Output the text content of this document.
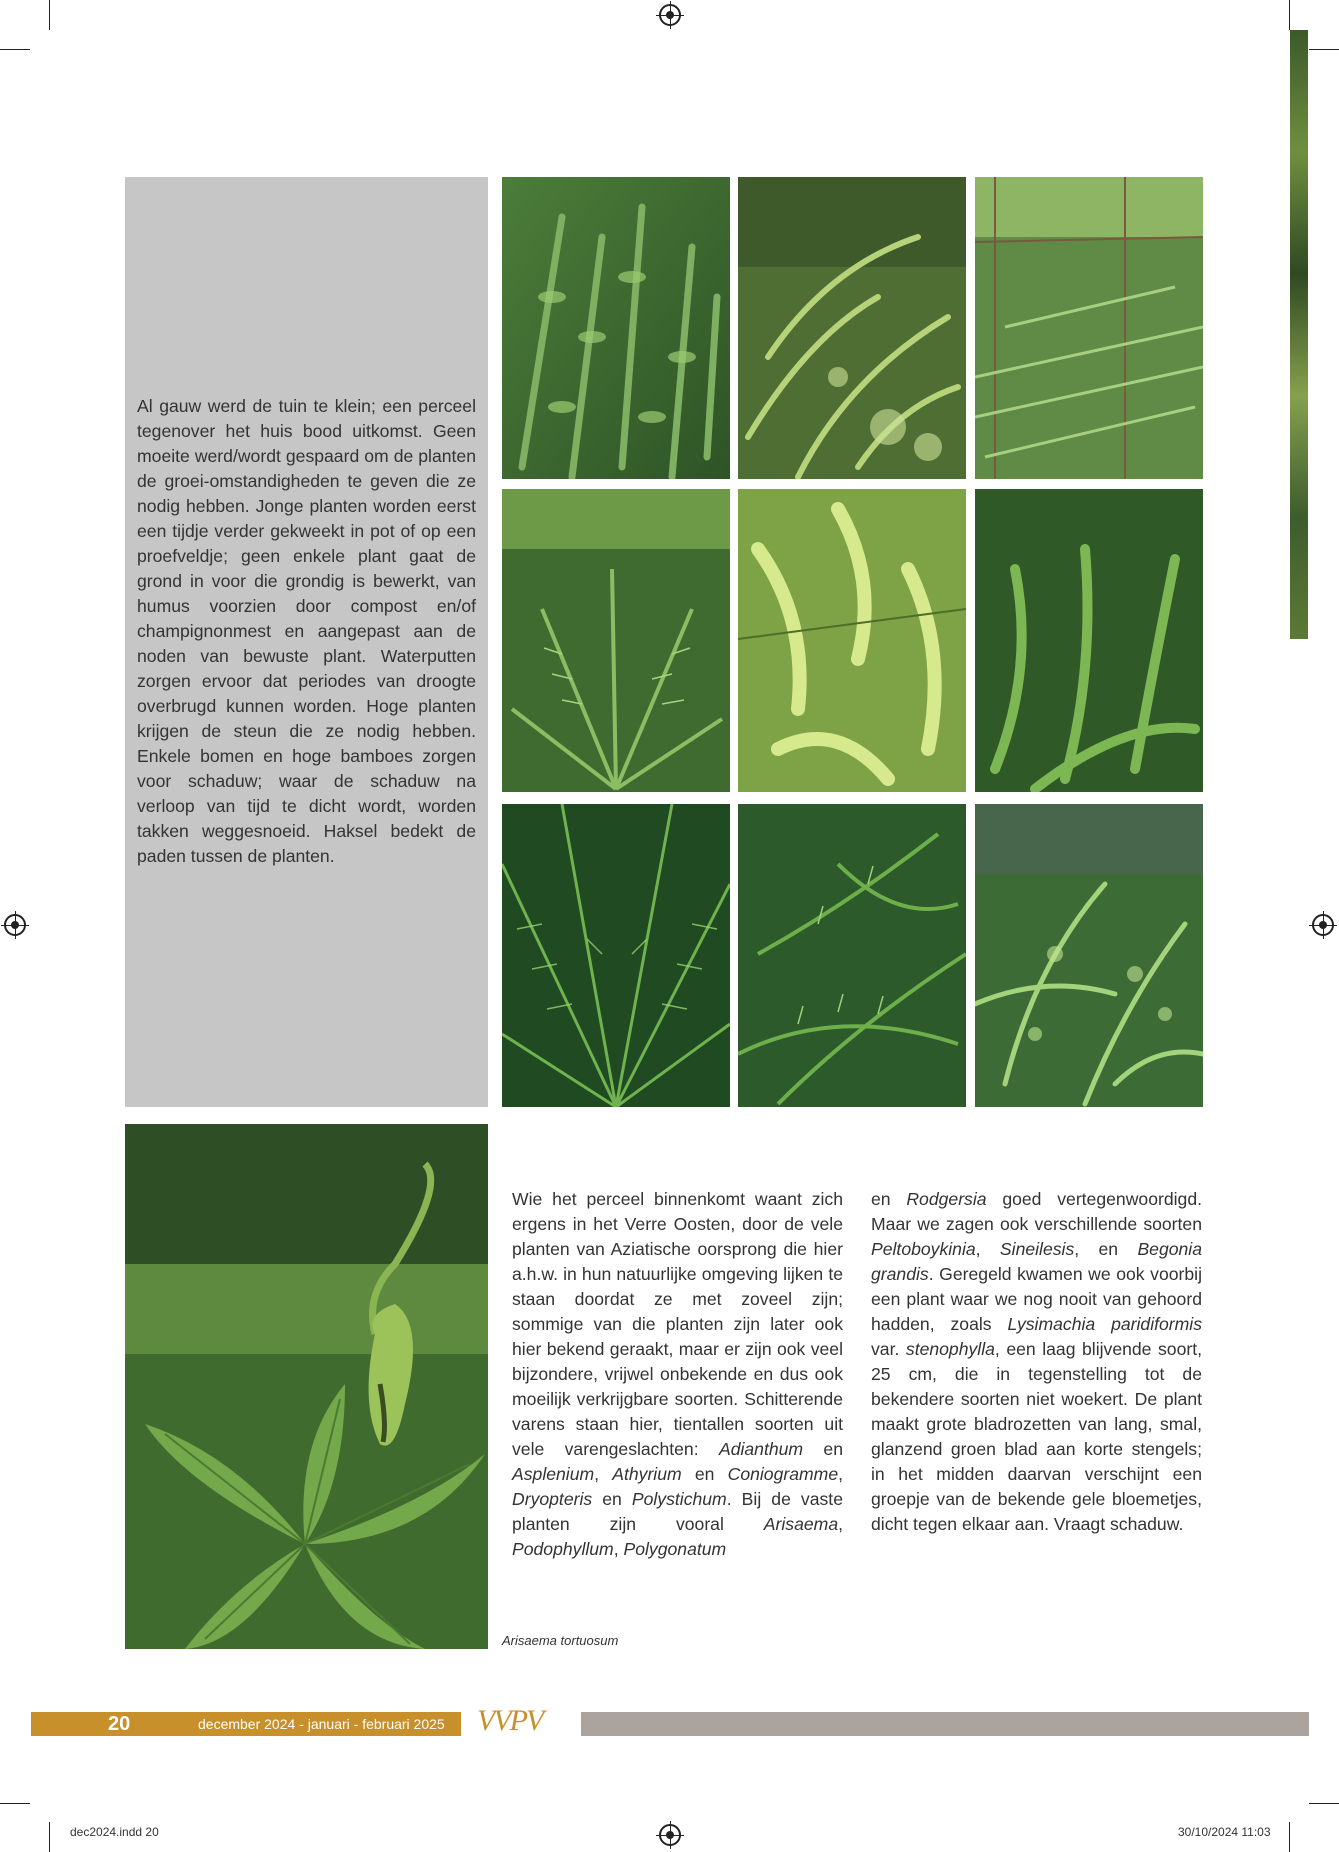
Al gauw werd de tuin te klein; een perceel tegenover het huis bood uitkomst. Geen moeite werd/wordt gespaard om de planten de groei-omstandigheden te geven die ze nodig hebben. Jonge planten worden eerst een tijdje verder gekweekt in pot of op een proefveldje; geen enkele plant gaat de grond in voor die grondig is bewerkt, van humus voorzien door compost en/of champignonmest en aangepast aan de noden van bewuste plant. Waterputten zorgen ervoor dat periodes van droogte overbrugd kunnen worden. Hoge planten krijgen de steun die ze nodig hebben. Enkele bomen en hoge bamboes zorgen voor schaduw; waar de schaduw na verloop van tijd te dicht wordt, worden takken weggesnoeid. Haksel bedekt de paden tussen de planten.
Arisaema tortuosum
Wie het perceel binnenkomt waant zich ergens in het Verre Oosten, door de vele planten van Aziatische oorsprong die hier a.h.w. in hun natuurlijke omgeving lijken te staan doordat ze met zoveel zijn; sommige van die planten zijn later ook hier bekend geraakt, maar er zijn ook veel bijzondere, vrijwel onbekende en dus ook moeilijk verkrijgbare soorten. Schitterende varens staan hier, tientallen soorten uit vele varengeslachten: Adianthum en Asplenium, Athyrium en Coniogramme, Dryopteris en Polystichum. Bij de vaste planten zijn vooral Arisaema, Podophyllum, Polygonatum
en Rodgersia goed vertegenwoordigd. Maar we zagen ook verschillende soorten Peltoboykinia, Sineilesis, en Begonia grandis. Geregeld kwamen we ook voorbij een plant waar we nog nooit van gehoord hadden, zoals Lysimachia paridiformis var. stenophylla, een laag blijvende soort, 25 cm, die in tegenstelling tot de bekendere soorten niet woekert. De plant maakt grote bladrozetten van lang, smal, glanzend groen blad aan korte stengels; in het midden daarvan verschijnt een groepje van de bekende gele bloemetjes, dicht tegen elkaar aan. Vraagt schaduw.
20	december 2024 - januari - februari 2025 VVPV
dec2024.indd 20	30/10/2024 11:03
